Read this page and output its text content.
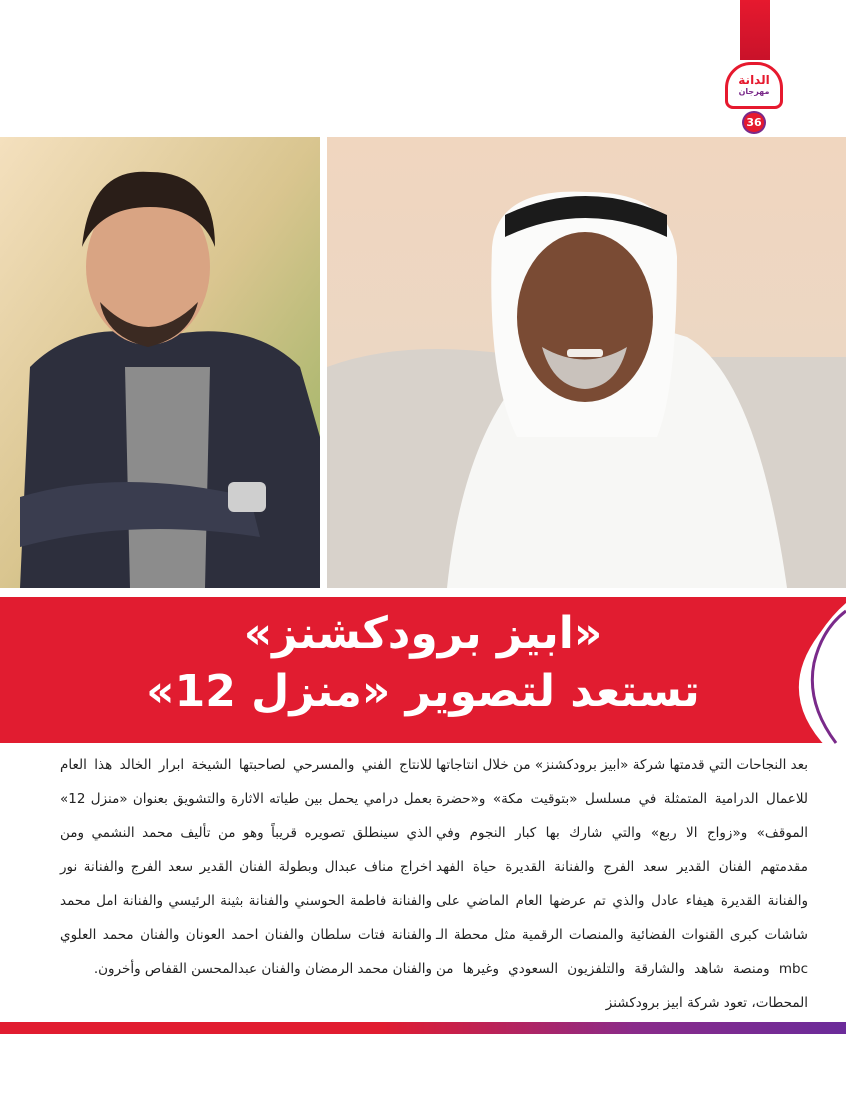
الدانة
مهرجان
36
«ابيز برودكشنز»
تستعد لتصوير «منزل 12»

بعد النجاحات التي قدمتها شركة «ابيز برودكشنز» من خلال انتاجاتها للاعمال الدرامية المتمثلة في مسلسل «بتوقيت مكة» و«حضرة الموقف» و«زواج الا ربع» والتي شارك بها كبار النجوم وفي مقدمتهم الفنان القدير سعد الفرج والفنانة القديرة حياة الفهد والفنانة القديرة هيفاء عادل والذي تم عرضها العام الماضي على شاشات كبرى القنوات الفضائية والمنصات الرقمية مثل محطة الـ mbc ومنصة شاهد والشارقة والتلفزيون السعودي وغيرها من المحطات، تعود شركة ابيز برودكشنز

للانتاج الفني والمسرحي لصاحبتها الشيخة ابرار الخالد هذا العام بعمل درامي يحمل بين طياته الاثارة والتشويق بعنوان «منزل 12» الذي سينطلق تصويره قريباً وهو من تأليف محمد النشمي ومن اخراج مناف عبدال وبطولة الفنان القدير سعد الفرج والفنانة نور والفنانة فاطمة الحوسني والفنانة بثينة الرئيسي والفنانة امل محمد والفنانة فتات سلطان والفنان احمد العونان والفنان محمد العلوي والفنان محمد الرمضان والفنان عبدالمحسن القفاص وأخرون.
